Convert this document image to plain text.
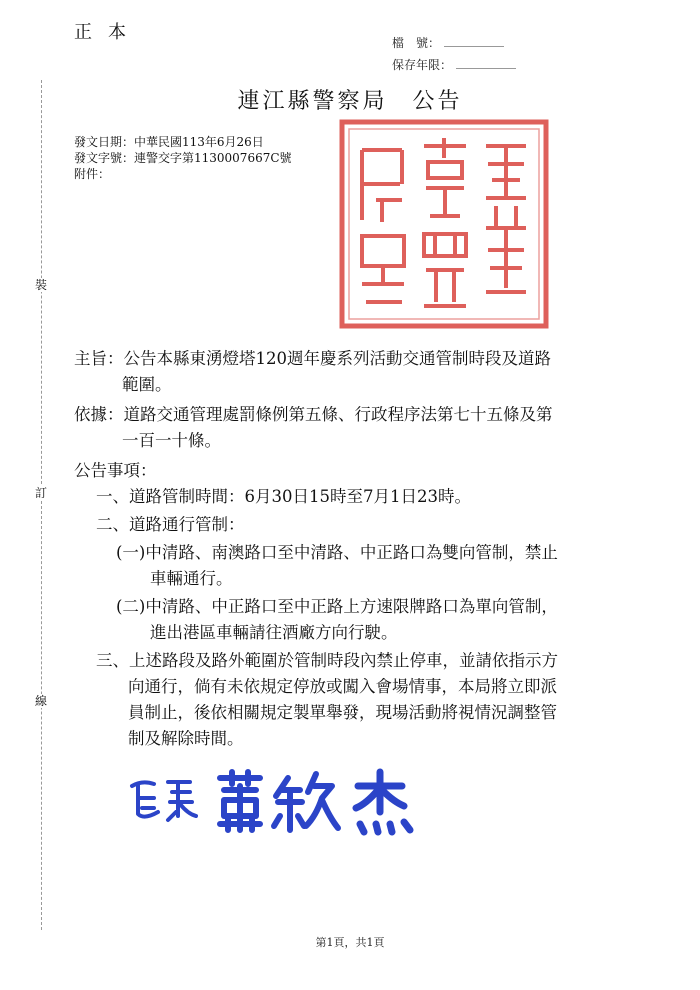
正本	檔　號：
保存年限：
裝
訂
線
連江縣警察局　公告
發文日期：中華民國113年6月26日
發文字號：連警交字第1130007667C號
附件：
主旨：公告本縣東湧燈塔120週年慶系列活動交通管制時段及道路
範圍。
依據：道路交通管理處罰條例第五條、行政程序法第七十五條及第
一百一十條。
公告事項：
一、道路管制時間：6月30日15時至7月1日23時。
二、道路通行管制：
(一)中清路、南澳路口至中清路、中正路口為雙向管制，禁止
車輛通行。
(二)中清路、中正路口至中正路上方速限牌路口為單向管制，
進出港區車輛請往酒廠方向行駛。
三、上述路段及路外範圍於管制時段內禁止停車，並請依指示方
向通行，倘有未依規定停放或闖入會場情事，本局將立即派
員制止，後依相關規定製單舉發，現場活動將視情況調整管
制及解除時間。
第1頁，共1頁
